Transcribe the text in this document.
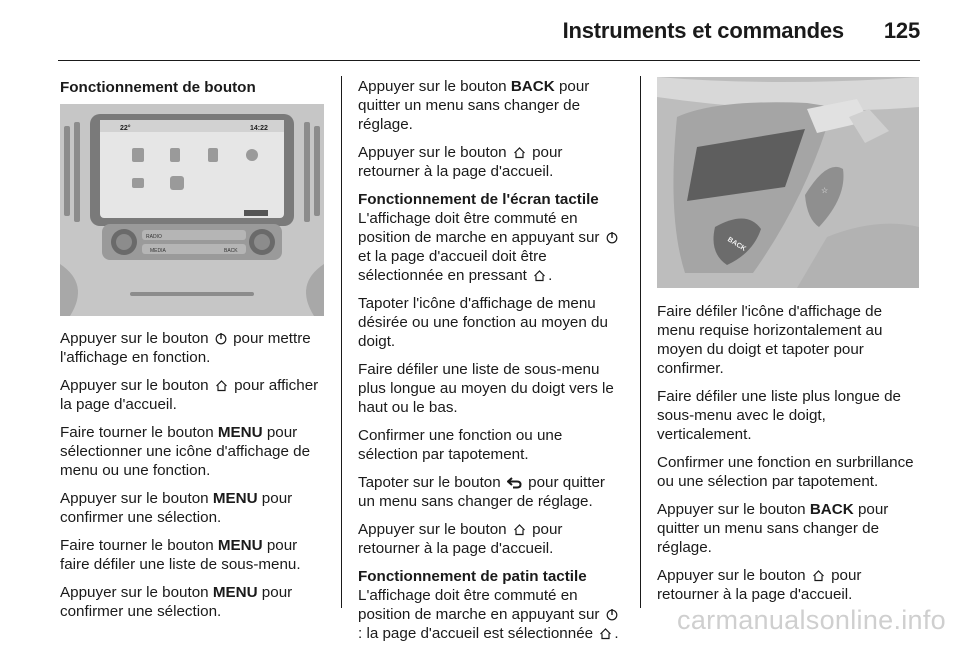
Instruments et commandes 125
22°	14:22
RADIO
MEDIA	BACK

Fonctionnement de bouton

Appuyer sur le bouton pour mettre l'affichage en fonction.

Appuyer sur le bouton pour afficher la page d'accueil.

Faire tourner le bouton MENU pour sélectionner une icône d'affichage de menu ou une fonction.

Appuyer sur le bouton MENU pour confirmer une sélection.

Faire tourner le bouton MENU pour faire défiler une liste de sous-menu.

Appuyer sur le bouton MENU pour confirmer une sélection.

Appuyer sur le bouton BACK pour quitter un menu sans changer de réglage.

Appuyer sur le bouton pour retourner à la page d'accueil.

Fonctionnement de l'écran tactile

L'affichage doit être commuté en position de marche en appuyant sur  et la page d'accueil doit être sélectionnée en pressant .

Tapoter l'icône d'affichage de menu désirée ou une fonction au moyen du doigt.

Faire défiler une liste de sous-menu plus longue au moyen du doigt vers le haut ou le bas.

Confirmer une fonction ou une sélection par tapotement.

Tapoter sur le bouton pour quitter un menu sans changer de réglage.

Appuyer sur le bouton pour retourner à la page d'accueil.

Fonctionnement de patin tactile

L'affichage doit être commuté en position de marche en appuyant sur  : la page d'accueil est sélectionnée .

☆
BACK

Faire défiler l'icône d'affichage de menu requise horizontalement au moyen du doigt et tapoter pour confirmer.

Faire défiler une liste plus longue de sous-menu avec le doigt, verticalement.

Confirmer une fonction en surbrillance ou une sélection par tapotement.

Appuyer sur le bouton BACK pour quitter un menu sans changer de réglage.

Appuyer sur le bouton pour retourner à la page d'accueil.

carmanualsonline.info
